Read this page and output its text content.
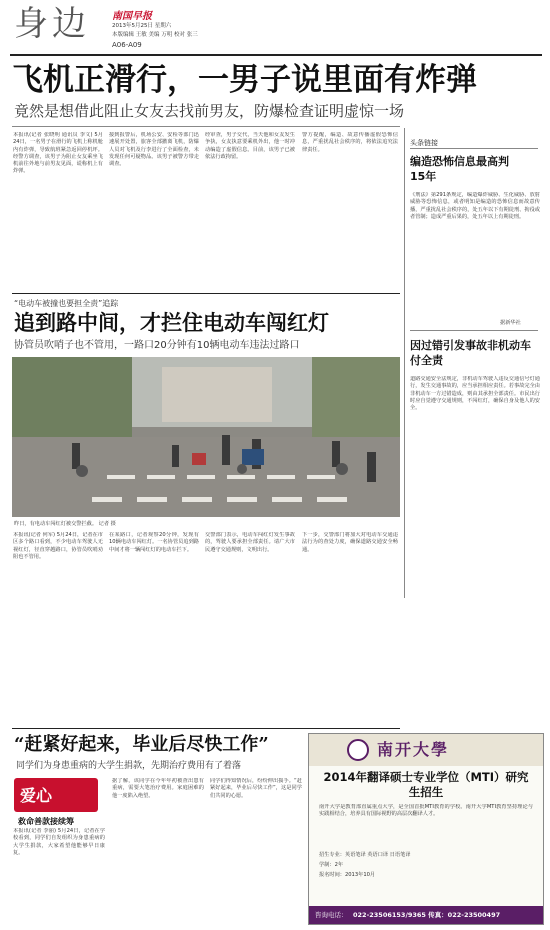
身边 南国早报
2013年5月25日 星期六
本版编辑 王敏 美编 万明 校对 张三
A06-A09
飞机正滑行，一男子说里面有炸弹
竟然是想借此阻止女友去找前男友，防爆检查证明虚惊一场
本报讯(记者 张晓明 通讯员 李文) 5月24日，一名男子在滑行的飞机上称机舱内有炸弹，导致航班紧急返回停机坪。经警方调查，该男子为阻止女友乘坐飞机前往外地与前男友见面，谎称机上有炸弹。
接到报警后，机场公安、安检等部门迅速展开处置，旅客全部撤离飞机，防爆人员对飞机及行李进行了全面检查，未发现任何可疑物品。该男子被警方带走调查。
经审查，男子交代，当天他和女友发生争执，女友执意要乘机外出，他一时冲动编造了虚假信息。目前，该男子已被依法行政拘留。
警方提醒，编造、故意传播虚假恐怖信息，严重扰乱社会秩序的，将依法追究法律责任。
头条链接
编造恐怖信息最高判15年
《刑法》第291条规定，编造爆炸威胁、生化威胁、放射威胁等恐怖信息，或者明知是编造的恐怖信息而故意传播，严重扰乱社会秩序的，处五年以下有期徒刑、拘役或者管制；造成严重后果的，处五年以上有期徒刑。
据新华社
因过错引发事故非机动车付全责
道路交通安全法规定，非机动车驾驶人违反交通信号灯通行，发生交通事故的，应当承担相应责任。若事故完全由非机动车一方过错造成，则由其承担全部责任。市民出行时应自觉遵守交通规则，不闯红灯，确保自身及他人的安全。
“电动车被撞也要担全责”追踪
追到路中间，才拦住电动车闯红灯
协管员吹哨子也不管用，一路口20分钟有10辆电动车违法过路口
昨日，有电动车闯红灯被交警拦截。 记者 摄
本报讯(记者 何军) 5月24日，记者在市区多个路口看到，不少电动车驾驶人无视红灯，径直穿越路口，协管员吹哨劝阻也不管用。
在某路口，记者观察20分钟，发现有10辆电动车闯红灯。一名协管员追到路中间才将一辆闯红灯的电动车拦下。
交警部门表示，电动车闯红灯发生事故的，驾驶人要承担全部责任。请广大市民遵守交通规则，文明出行。
下一步，交警部门将加大对电动车交通违法行为的查处力度，确保道路交通安全畅通。
“赶紧好起来，毕业后尽快工作”
同学们为身患重病的大学生捐款，先期治疗费用有了着落
爱心
救命善款接续筹
本报讯(记者 李丽) 5月24日，记者在学校看到，同学们自发组织为身患重病的大学生捐款，大家希望他能够早日康复。
据了解，该同学在今年年初被查出患有重病，需要大笔治疗费用。家庭困难的他一度陷入绝望。
同学们得知情况后，纷纷伸出援手。“赶紧好起来，毕业后尽快工作”，这是同学们共同的心愿。
南开大學
2014年翻译硕士专业学位（MTI）研究生招生
南开大学是教育部直属重点大学，是全国首批MTI教育的学校。南开大学MTI教育坚持理论与实践相结合，培养具有国际视野的高层次翻译人才。
招生专业：英语笔译 英语口译 日语笔译
学制：2年
报名时间：2013年10月
咨询电话： 022-23506153/9365 传真：022-23500497
